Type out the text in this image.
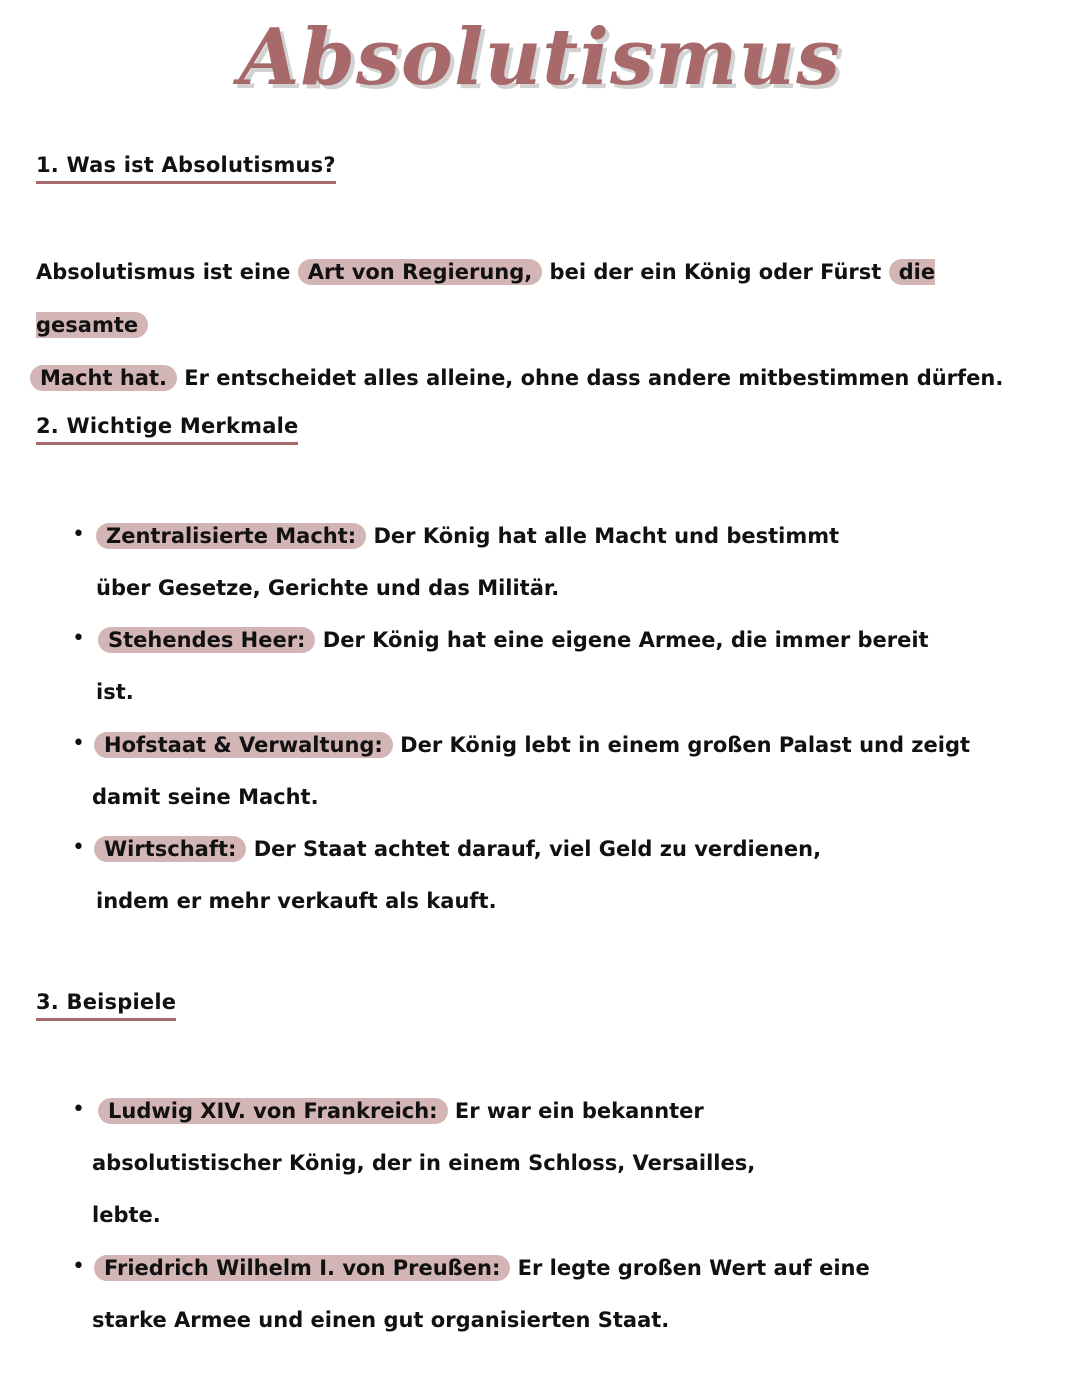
Absolutismus
1. Was ist Absolutismus?
Absolutismus ist eine Art von Regierung, bei der ein König oder Fürst die gesamte
Macht hat. Er entscheidet alles alleine, ohne dass andere mitbestimmen dürfen.
2. Wichtige Merkmale
•	Zentralisierte Macht: Der König hat alle Macht und bestimmt
über Gesetze, Gerichte und das Militär.
•	Stehendes Heer: Der König hat eine eigene Armee, die immer bereit
ist.
• Hofstaat & Verwaltung: Der König lebt in einem großen Palast und zeigt
damit seine Macht.
• Wirtschaft: Der Staat achtet darauf, viel Geld zu verdienen,
indem er mehr verkauft als kauft.
3. Beispiele
•	Ludwig XIV. von Frankreich: Er war ein bekannter
absolutistischer König, der in einem Schloss, Versailles,
lebte.
• Friedrich Wilhelm I. von Preußen: Er legte großen Wert auf eine
starke Armee und einen gut organisierten Staat.
